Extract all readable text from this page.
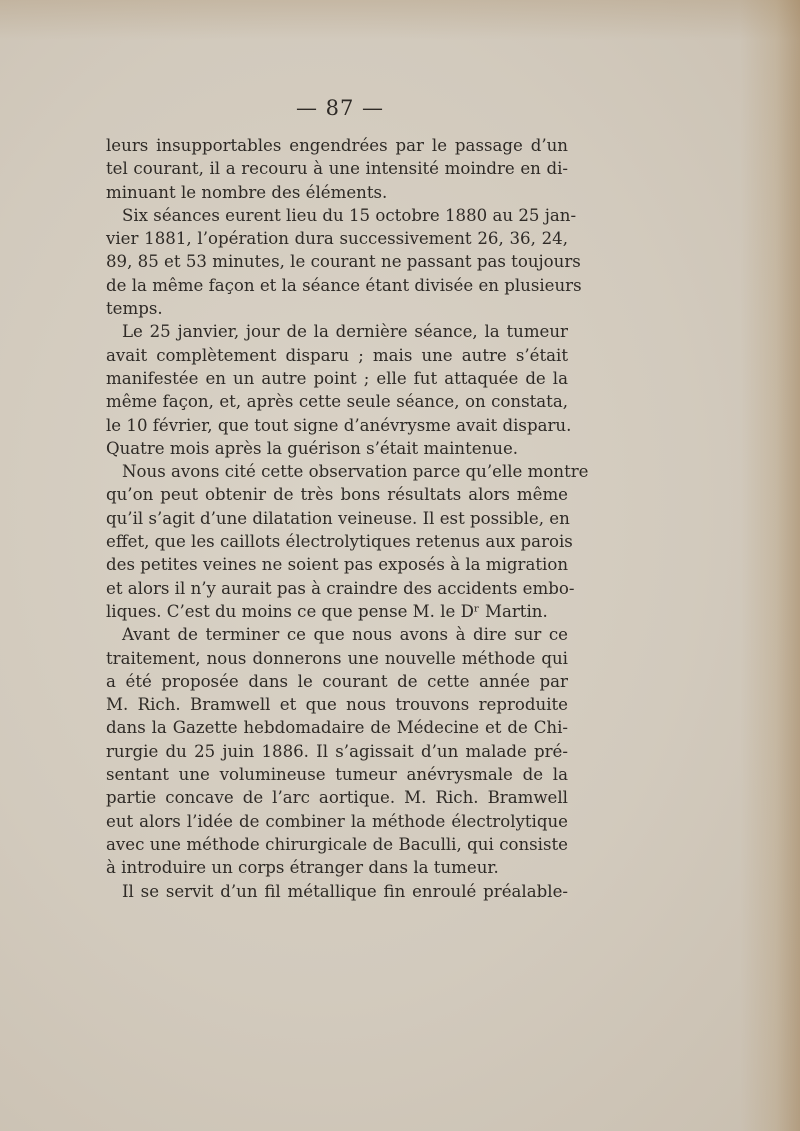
— 87 —
leurs insupportables engendrées par le passage d’un
tel courant, il a recouru à une intensité moindre en di-
minuant le nombre des éléments.
Six séances eurent lieu du 15 octobre 1880 au 25 jan-
vier 1881, l’opération dura successivement 26, 36, 24,
89, 85 et 53 minutes, le courant ne passant pas toujours
de la même façon et la séance étant divisée en plusieurs
temps.
Le 25 janvier, jour de la dernière séance, la tumeur
avait complètement disparu ; mais une autre s’était
manifestée en un autre point ; elle fut attaquée de la
même façon, et, après cette seule séance, on constata,
le 10 février, que tout signe d’anévrysme avait disparu.
Quatre mois après la guérison s’était maintenue.
Nous avons cité cette observation parce qu’elle montre
qu’on peut obtenir de très bons résultats alors même
qu’il s’agit d’une dilatation veineuse. Il est possible, en
effet, que les caillots électrolytiques retenus aux parois
des petites veines ne soient pas exposés à la migration
et alors il n’y aurait pas à craindre des accidents embo-
liques. C’est du moins ce que pense M. le Dʳ Martin.
Avant de terminer ce que nous avons à dire sur ce
traitement, nous donnerons une nouvelle méthode qui
a été proposée dans le courant de cette année par
M. Rich. Bramwell et que nous trouvons reproduite
dans la Gazette hebdomadaire de Médecine et de Chi-
rurgie du 25 juin 1886. Il s’agissait d’un malade pré-
sentant une volumineuse tumeur anévrysmale de la
partie concave de l’arc aortique. M. Rich. Bramwell
eut alors l’idée de combiner la méthode électrolytique
avec une méthode chirurgicale de Baculli, qui consiste
à introduire un corps étranger dans la tumeur.
Il se servit d’un fil métallique fin enroulé préalable-
